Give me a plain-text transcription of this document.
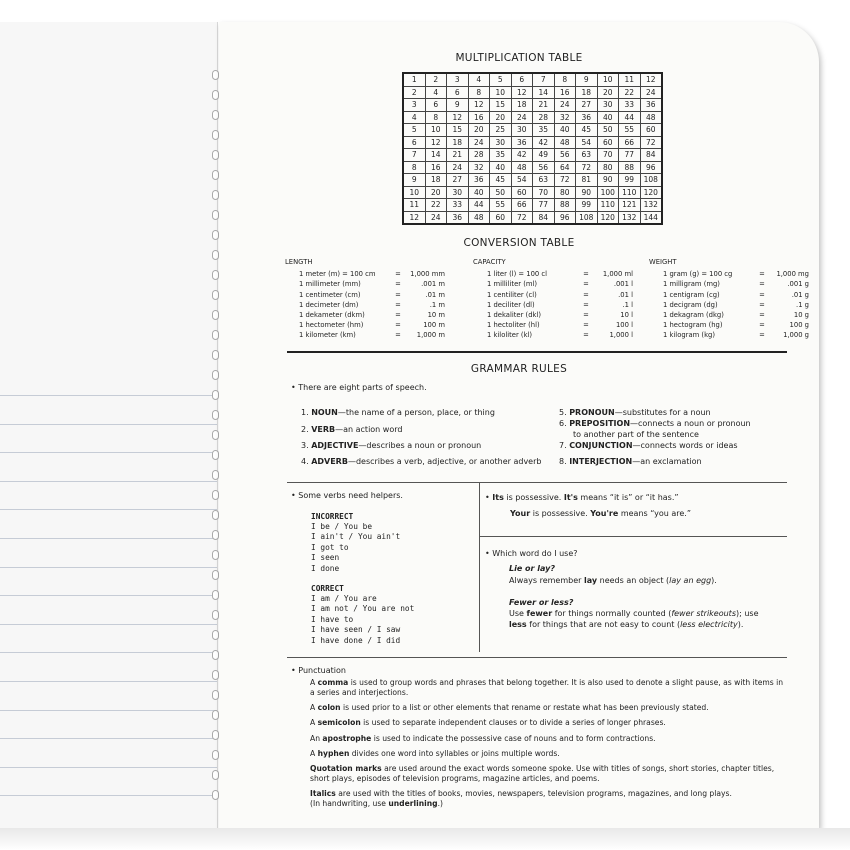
MULTIPLICATION TABLE
1	2	3	4	5	6	7	8	9	10	11	12
2	4	6	8	10	12	14	16	18	20	22	24
3	6	9	12	15	18	21	24	27	30	33	36
4	8	12	16	20	24	28	32	36	40	44	48
5	10	15	20	25	30	35	40	45	50	55	60
6	12	18	24	30	36	42	48	54	60	66	72
7	14	21	28	35	42	49	56	63	70	77	84
8	16	24	32	40	48	56	64	72	80	88	96
9	18	27	36	45	54	63	72	81	90	99	108
10	20	30	40	50	60	70	80	90	100	110	120
11	22	33	44	55	66	77	88	99	110	121	132
12	24	36	48	60	72	84	96	108	120	132	144
CONVERSION TABLE
LENGTH
1 meter (m) = 100 cm	=	1,000 mm
1 millimeter (mm)	=	.001 m
1 centimeter (cm)	=	.01 m
1 decimeter (dm)	=	.1 m
1 dekameter (dkm)	=	10 m
1 hectometer (hm)	=	100 m
1 kilometer (km)	=	1,000 m
CAPACITY
1 liter (l) = 100 cl	=	1,000 ml
1 milliliter (ml)	=	.001 l
1 centiliter (cl)	=	.01 l
1 deciliter (dl)	=	.1 l
1 dekaliter (dkl)	=	10 l
1 hectoliter (hl)	=	100 l
1 kiloliter (kl)	=	1,000 l
WEIGHT
1 gram (g) = 100 cg	=	1,000 mg
1 milligram (mg)	=	.001 g
1 centigram (cg)	=	.01 g
1 decigram (dg)	=	.1 g
1 dekagram (dkg)	=	10 g
1 hectogram (hg)	=	100 g
1 kilogram (kg)	=	1,000 g
GRAMMAR RULES
• There are eight parts of speech.
1. NOUN—the name of a person, place, or thing
2. VERB—an action word
3. ADJECTIVE—describes a noun or pronoun
4. ADVERB—describes a verb, adjective, or another adverb
5. PRONOUN—substitutes for a noun
6. PREPOSITION—connects a noun or pronoun
7. CONJUNCTION—connects words or ideas
8. INTERJECTION—an exclamation
to another part of the sentence
• Some verbs need helpers.
INCORRECT
I be / You be
I ain't / You ain't
I got to
I seen
I done
CORRECT
I am / You are
I am not / You are not
I have to
I have seen / I saw
I have done / I did
• Its is possessive. It's means “it is” or “it has.”
Your is possessive. You're means “you are.”
• Which word do I use?
Lie or lay?
Always remember lay needs an object (lay an egg).
Fewer or less?
Use fewer for things normally counted (fewer strikeouts); use
less for things that are not easy to count (less electricity).
• Punctuation
A comma is used to group words and phrases that belong together. It is also used to denote a slight pause, as with items in a series and interjections.
A colon is used prior to a list or other elements that rename or restate what has been previously stated.
A semicolon is used to separate independent clauses or to divide a series of longer phrases.
An apostrophe is used to indicate the possessive case of nouns and to form contractions.
A hyphen divides one word into syllables or joins multiple words.
Quotation marks are used around the exact words someone spoke. Use with titles of songs, short stories, chapter titles, short plays, episodes of television programs, magazine articles, and poems.
Italics are used with the titles of books, movies, newspapers, television programs, magazines, and long plays.
(In handwriting, use underlining.)
